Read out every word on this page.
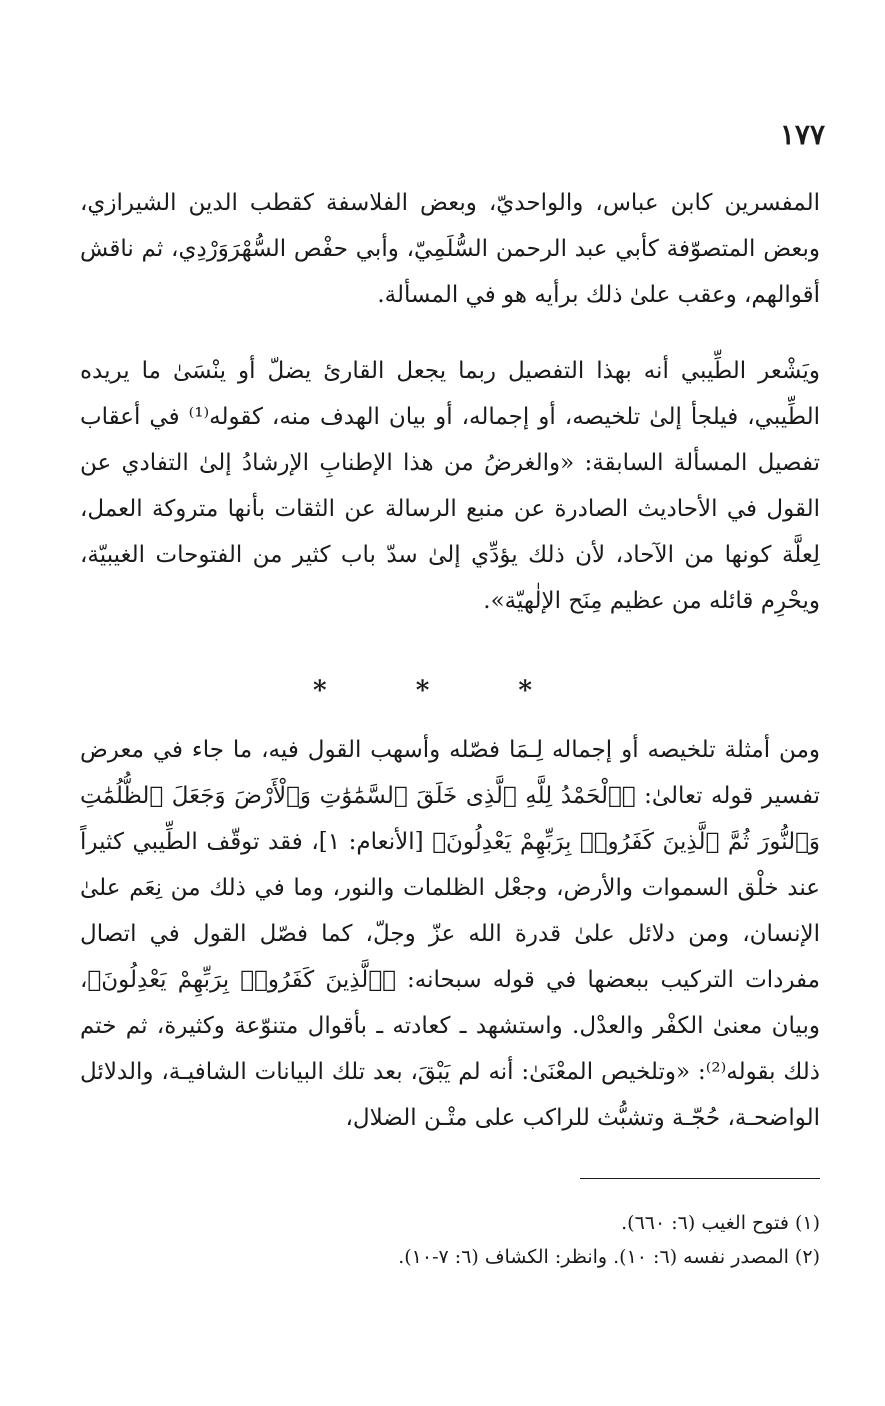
١٧٧

المفسرين كابن عباس، والواحديّ، وبعض الفلاسفة كقطب الدين الشيرازي، وبعض المتصوّفة كأبي عبد الرحمن السُّلَمِيّ، وأبي حفْص السُّهْرَوَرْدِي، ثم ناقش أقوالهم، وعقب علىٰ ذلك برأيه هو في المسألة.

ويَشْعر الطِّيبي أنه بهذا التفصيل ربما يجعل القارئ يضلّ أو ينْسَىٰ ما يريده الطِّيبي، فيلجأ إلىٰ تلخيصه، أو إجماله، أو بيان الهدف منه، كقوله⁽¹⁾ في أعقاب تفصيل المسألة السابقة: «والغرضُ من هذا الإطنابِ الإرشادُ إلىٰ التفادي عن القول في الأحاديث الصادرة عن منبع الرسالة عن الثقات بأنها متروكة العمل، لِعلَّة كونها من الآحاد، لأن ذلك يؤدِّي إلىٰ سدّ باب كثير من الفتوحات الغيبيّة، ويحْرِم قائله من عظيم مِنَح الإلٰهيّة».

* * *

ومن أمثلة تلخيصه أو إجماله لِـمَا فصّله وأسهب القول فيه، ما جاء في معرض تفسير قوله تعالىٰ: ﴿ٱلْحَمْدُ لِلَّهِ ٱلَّذِى خَلَقَ ٱلسَّمَٰوَٰتِ وَٱلْأَرْضَ وَجَعَلَ ٱلظُّلُمَٰتِ وَٱلنُّورَ ثُمَّ ٱلَّذِينَ كَفَرُوا۟ بِرَبِّهِمْ يَعْدِلُونَ﴾ [الأنعام: ١]، فقد توقّف الطِّيبي كثيراً عند خلْق السموات والأرض، وجعْل الظلمات والنور، وما في ذلك من نِعَم علىٰ الإنسان، ومن دلائل علىٰ قدرة الله عزّ وجلّ، كما فصّل القول في اتصال مفردات التركيب ببعضها في قوله سبحانه: ﴿ٱلَّذِينَ كَفَرُوا۟ بِرَبِّهِمْ يَعْدِلُونَ﴾، وبيان معنىٰ الكفْر والعدْل. واستشهد ـ كعادته ـ بأقوال متنوّعة وكثيرة، ثم ختم ذلك بقوله⁽²⁾: «وتلخيص المعْنَىٰ: أنه لم يَبْقَ، بعد تلك البيانات الشافيـة، والدلائل الواضحـة، حُجّـة وتشبُّث للراكب على متْـن الضلال،

(١) فتوح الغيب (٦: ٦٦٠).
(٢) المصدر نفسه (٦: ١٠). وانظر: الكشاف (٦: ٧-١٠).
